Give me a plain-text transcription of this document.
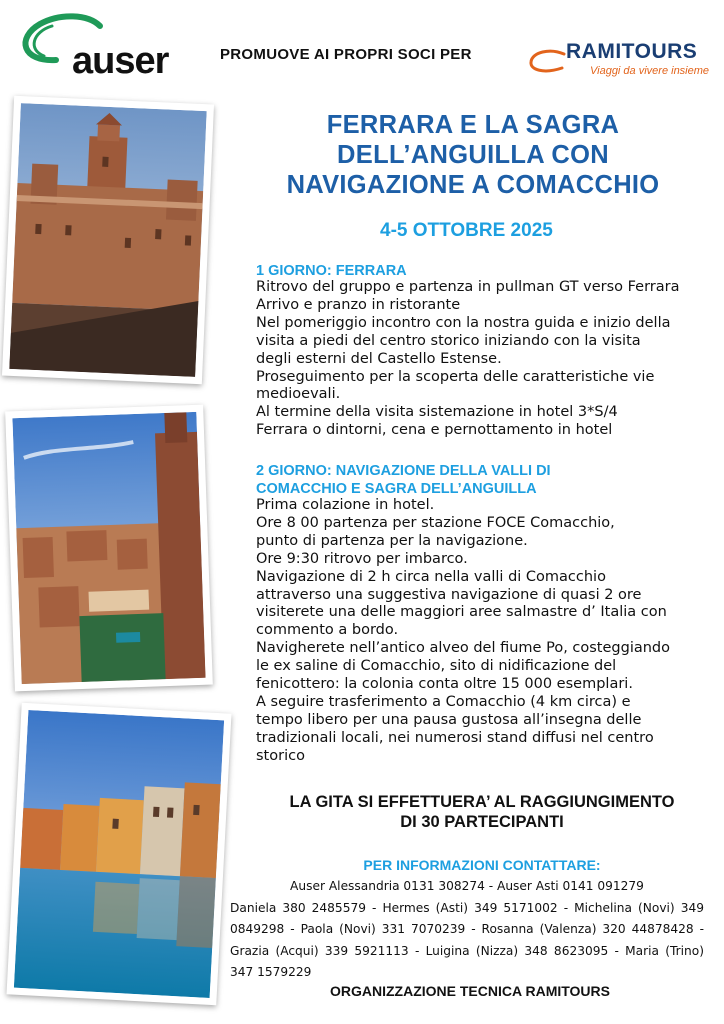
auser	PROMUOVE AI PROPRI SOCI PER	RAMITOURS
Viaggi da vivere insieme
FERRARA E LA SAGRA
DELL’ANGUILLA CON
NAVIGAZIONE A COMACCHIO
4-5 OTTOBRE 2025
1 GIORNO: FERRARA
Ritrovo del gruppo e partenza in pullman GT verso Ferrara
Arrivo e pranzo in ristorante
Nel pomeriggio incontro con la nostra guida e inizio della
visita a piedi del centro storico iniziando con la visita
degli esterni del Castello Estense.
Proseguimento per la scoperta delle caratteristiche vie
medioevali.
Al termine della visita sistemazione in hotel 3*S/4
Ferrara o dintorni, cena e pernottamento in hotel
2 GIORNO: NAVIGAZIONE DELLA VALLI DI
COMACCHIO E SAGRA DELL’ANGUILLA
Prima colazione in hotel.
Ore 8 00 partenza per stazione FOCE Comacchio,
punto di partenza per la navigazione.
Ore 9:30 ritrovo per imbarco.
Navigazione di 2 h circa nella valli di Comacchio
attraverso una suggestiva navigazione di quasi 2 ore
visiterete una delle maggiori aree salmastre d’ Italia con
commento a bordo.
Navigherete nell’antico alveo del fiume Po, costeggiando
le ex saline di Comacchio, sito di nidificazione del
fenicottero: la colonia conta oltre 15 000 esemplari.
A seguire trasferimento a Comacchio (4 km circa) e
tempo libero per una pausa gustosa all’insegna delle
tradizionali locali, nei numerosi stand diffusi nel centro
storico
LA GITA SI EFFETTUERA’ AL RAGGIUNGIMENTO
DI 30 PARTECIPANTI
PER INFORMAZIONI CONTATTARE:
Auser Alessandria 0131 308274 - Auser Asti 0141 091279
Daniela 380 2485579 - Hermes (Asti) 349 5171002 - Michelina (Novi) 349
0849298 - Paola (Novi) 331 7070239 - Rosanna (Valenza) 320 44878428 -
Grazia (Acqui) 339 5921113 - Luigina (Nizza) 348 8623095 - Maria (Trino)
347 1579229
ORGANIZZAZIONE TECNICA RAMITOURS
